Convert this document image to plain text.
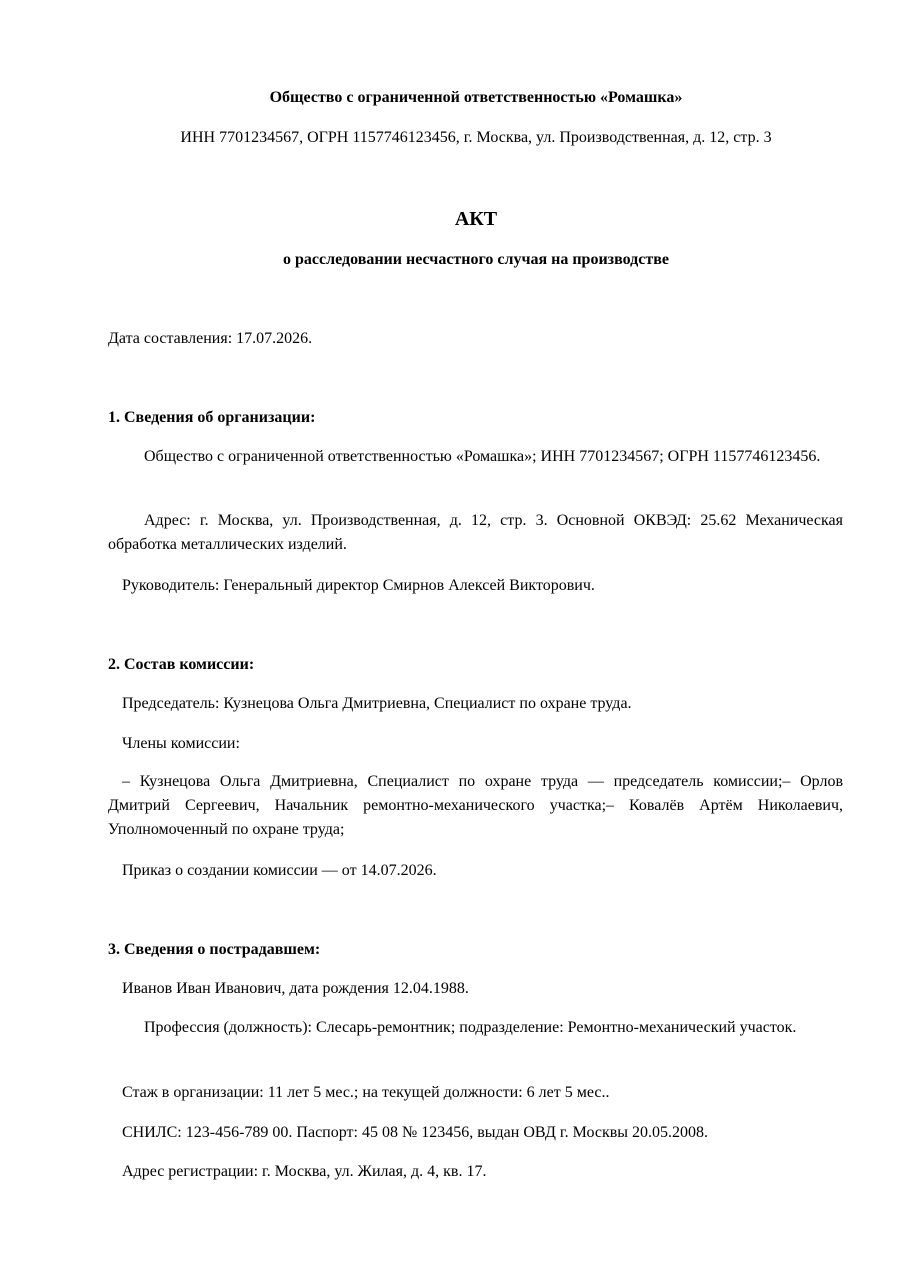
Общество с ограниченной ответственностью «Ромашка»
ИНН 7701234567, ОГРН 1157746123456, г. Москва, ул. Производственная, д. 12, стр. 3
АКТ
о расследовании несчастного случая на производстве
Дата составления: 17.07.2026.
1. Сведения об организации:
Общество с ограниченной ответственностью «Ромашка»; ИНН 7701234567; ОГРН 1157746123456.
Адрес: г. Москва, ул. Производственная, д. 12, стр. 3. Основной ОКВЭД: 25.62 Механическая обработка металлических изделий.
Руководитель: Генеральный директор Смирнов Алексей Викторович.
2. Состав комиссии:
Председатель: Кузнецова Ольга Дмитриевна, Специалист по охране труда.
Члены комиссии:
– Кузнецова Ольга Дмитриевна, Специалист по охране труда — председатель комиссии;– Орлов Дмитрий Сергеевич, Начальник ремонтно-механического участка;– Ковалёв Артём Николаевич, Уполномоченный по охране труда;
Приказ о создании комиссии — от 14.07.2026.
3. Сведения о пострадавшем:
Иванов Иван Иванович, дата рождения 12.04.1988.
Профессия (должность): Слесарь-ремонтник; подразделение: Ремонтно-механический участок.
Стаж в организации: 11 лет 5 мес.; на текущей должности: 6 лет 5 мес..
СНИЛС: 123-456-789 00. Паспорт: 45 08 № 123456, выдан ОВД г. Москвы 20.05.2008.
Адрес регистрации: г. Москва, ул. Жилая, д. 4, кв. 17.
